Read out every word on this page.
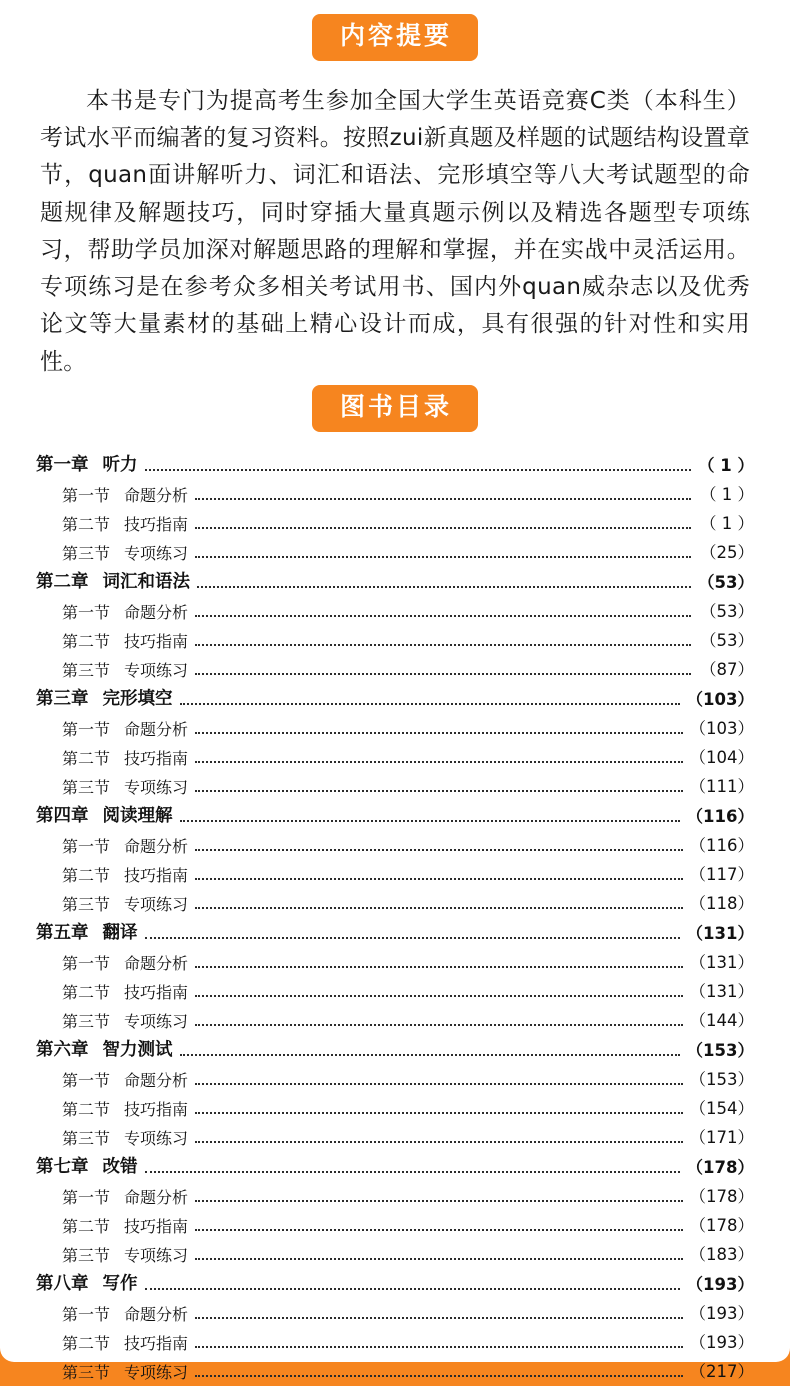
内容提要
本书是专门为提高考生参加全国大学生英语竞赛C类（本科生）考试水平而编著的复习资料。按照zui新真题及样题的试题结构设置章节，quan面讲解听力、词汇和语法、完形填空等八大考试题型的命题规律及解题技巧，同时穿插大量真题示例以及精选各题型专项练习，帮助学员加深对解题思路的理解和掌握，并在实战中灵活运用。专项练习是在参考众多相关考试用书、国内外quan威杂志以及优秀论文等大量素材的基础上精心设计而成，具有很强的针对性和实用性。
图书目录
第一章 听力	（ 1 ）
第一节 命题分析	（ 1 ）
第二节 技巧指南	（ 1 ）
第三节 专项练习	（25）
第二章 词汇和语法	（53）
第一节 命题分析	（53）
第二节 技巧指南	（53）
第三节 专项练习	（87）
第三章 完形填空	（103）
第一节 命题分析	（103）
第二节 技巧指南	（104）
第三节 专项练习	（111）
第四章 阅读理解	（116）
第一节 命题分析	（116）
第二节 技巧指南	（117）
第三节 专项练习	（118）
第五章 翻译	（131）
第一节 命题分析	（131）
第二节 技巧指南	（131）
第三节 专项练习	（144）
第六章 智力测试	（153）
第一节 命题分析	（153）
第二节 技巧指南	（154）
第三节 专项练习	（171）
第七章 改错	（178）
第一节 命题分析	（178）
第二节 技巧指南	（178）
第三节 专项练习	（183）
第八章 写作	（193）
第一节 命题分析	（193）
第二节 技巧指南	（193）
第三节 专项练习	（217）
